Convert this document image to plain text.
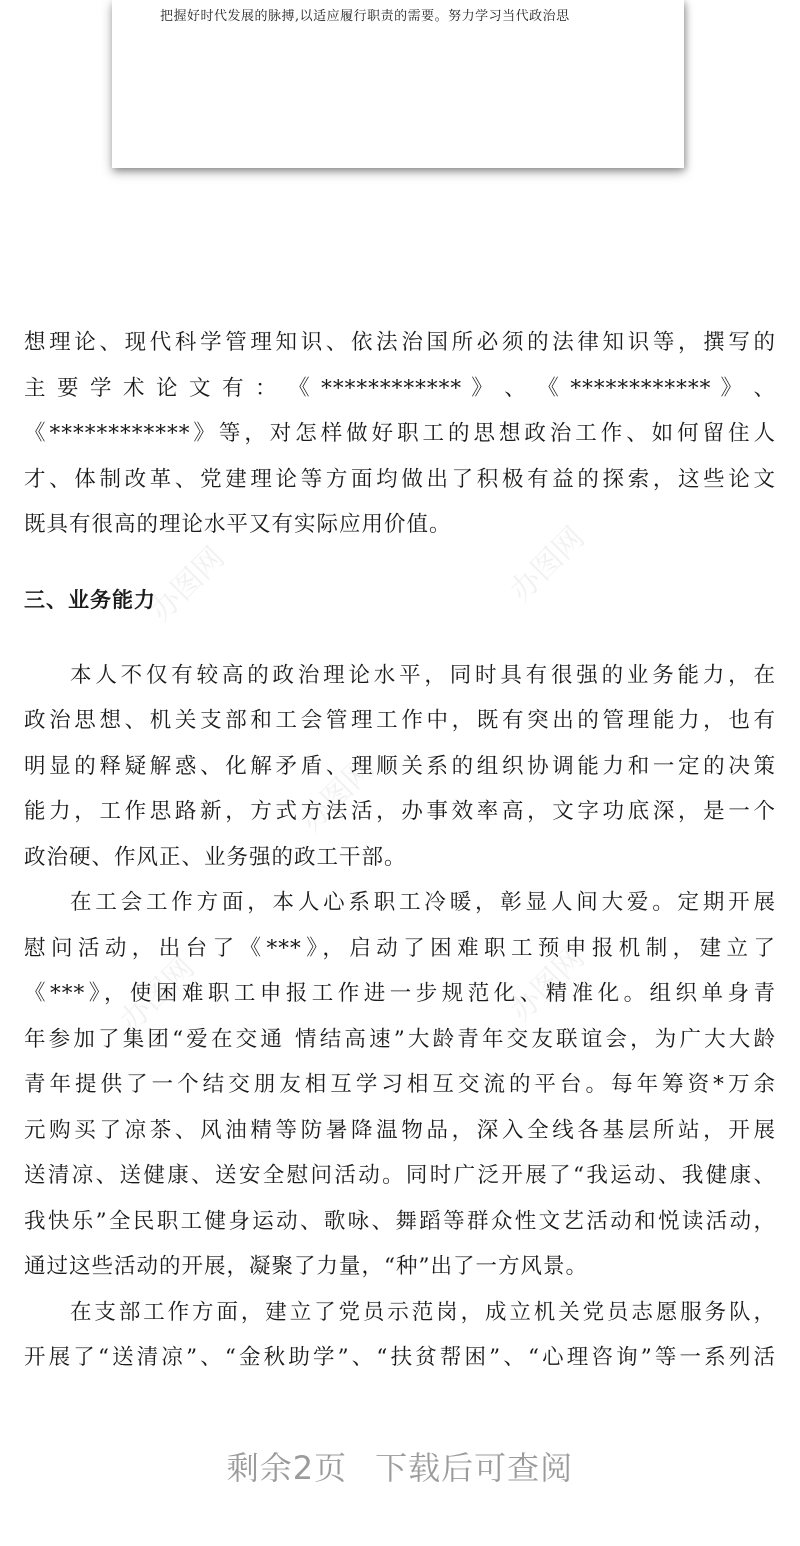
把握好时代发展的脉搏,以适应履行职责的需要。努力学习当代政治思
办图网	办图网
办图网
办图网	办图网
想理论、现代科学管理知识、依法治国所必须的法律知识等，撰写的
主 要 学 术 论 文 有 ： 《 ************ 》 、 《 ************ 》 、
《************》等，对怎样做好职工的思想政治工作、如何留住人
才、体制改革、党建理论等方面均做出了积极有益的探索，这些论文
既具有很高的理论水平又有实际应用价值。
三、业务能力
本人不仅有较高的政治理论水平，同时具有很强的业务能力，在
政治思想、机关支部和工会管理工作中，既有突出的管理能力，也有
明显的释疑解惑、化解矛盾、理顺关系的组织协调能力和一定的决策
能力，工作思路新，方式方法活，办事效率高，文字功底深，是一个
政治硬、作风正、业务强的政工干部。
在工会工作方面，本人心系职工冷暖，彰显人间大爱。定期开展
慰问活动，出台了《***》，启动了困难职工预申报机制，建立了
《***》，使困难职工申报工作进一步规范化、精准化。组织单身青
年参加了集团“爱在交通 情结高速”大龄青年交友联谊会，为广大大龄
青年提供了一个结交朋友相互学习相互交流的平台。每年筹资*万余
元购买了凉茶、风油精等防暑降温物品，深入全线各基层所站，开展
送清凉、送健康、送安全慰问活动。同时广泛开展了“我运动、我健康、
我快乐”全民职工健身运动、歌咏、舞蹈等群众性文艺活动和悦读活动，
通过这些活动的开展，凝聚了力量，“种”出了一方风景。
在支部工作方面，建立了党员示范岗，成立机关党员志愿服务队，
开展了“送清凉”、“金秋助学”、“扶贫帮困”、“心理咨询”等一系列活
剩余2页 下载后可查阅
